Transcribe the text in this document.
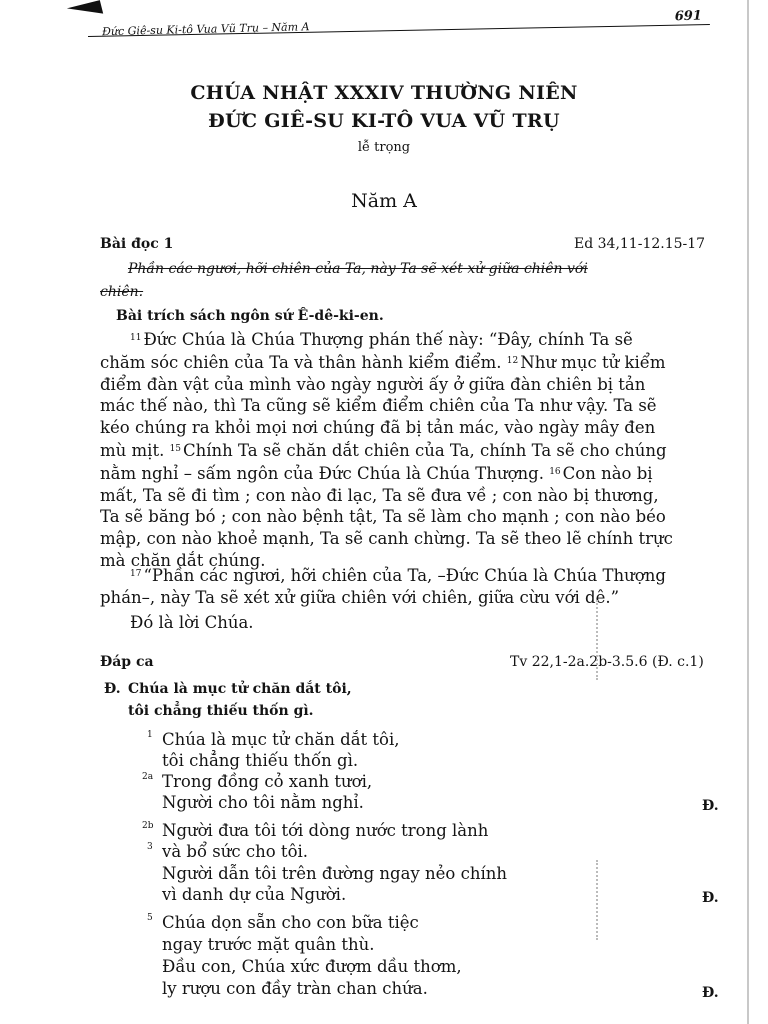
Đức Giê-su Ki-tô Vua Vũ Trụ – Năm A
691
CHÚA NHẬT XXXIV THƯỜNG NIÊN
ĐỨC GIÊ-SU KI-TÔ VUA VŨ TRỤ
lễ trọng
Năm A
Bài đọc 1	Ed 34,11-12.15-17
Phần các ngươi, hỡi chiên của Ta, này Ta sẽ xét xử giữa chiên với
chiên.
Bài trích sách ngôn sứ Ê-dê-ki-en.
$^{11}$ Đức Chúa là Chúa Thượng phán thế này: “Đây, chính Ta sẽ
chăm sóc chiên của Ta và thân hành kiểm điểm. $^{12}$ Như mục tử kiểm
điểm đàn vật của mình vào ngày người ấy ở giữa đàn chiên bị tản
mác thế nào, thì Ta cũng sẽ kiểm điểm chiên của Ta như vậy. Ta sẽ
kéo chúng ra khỏi mọi nơi chúng đã bị tản mác, vào ngày mây đen
mù mịt. $^{15}$ Chính Ta sẽ chăn dắt chiên của Ta, chính Ta sẽ cho chúng
nằm nghỉ – sấm ngôn của Đức Chúa là Chúa Thượng. $^{16}$ Con nào bị
mất, Ta sẽ đi tìm ; con nào đi lạc, Ta sẽ đưa về ; con nào bị thương,
Ta sẽ băng bó ; con nào bệnh tật, Ta sẽ làm cho mạnh ; con nào béo
mập, con nào khoẻ mạnh, Ta sẽ canh chừng. Ta sẽ theo lẽ chính trực
mà chăn dắt chúng.
$^{17}$ “Phần các ngươi, hỡi chiên của Ta, –Đức Chúa là Chúa Thượng
phán–, này Ta sẽ xét xử giữa chiên với chiên, giữa cừu với dê.”
Đó là lời Chúa.
Đáp ca	Tv 22,1-2a.2b-3.5.6 (Đ. c.1)
Đ. Chúa là mục tử chăn dắt tôi,
tôi chẳng thiếu thốn gì.
1 Chúa là mục tử chăn dắt tôi,
tôi chẳng thiếu thốn gì.
2a Trong đồng cỏ xanh tươi,
Người cho tôi nằm nghỉ.	Đ.
2b Người đưa tôi tới dòng nước trong lành
3 và bổ sức cho tôi.
Người dẫn tôi trên đường ngay nẻo chính
vì danh dự của Người.	Đ.
5 Chúa dọn sẵn cho con bữa tiệc
ngay trước mặt quân thù.
Đầu con, Chúa xức đượm dầu thơm,
ly rượu con đầy tràn chan chứa.	Đ.
